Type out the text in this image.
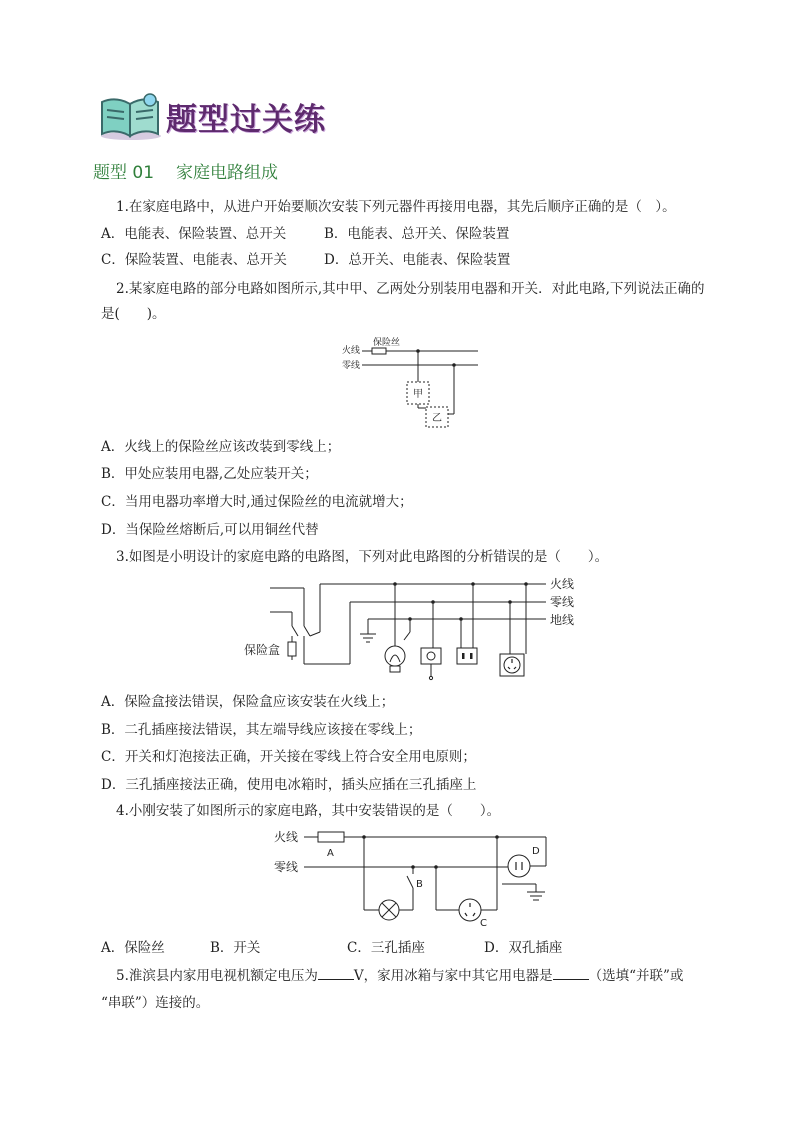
题型过关练
题型 01 家庭电路组成
1.在家庭电路中，从进户开始要顺次安装下列元器件再接用电器，其先后顺序正确的是（　）。
A．电能表、保险装置、总开关	B．电能表、总开关、保险装置
C．保险装置、电能表、总开关	D．总开关、电能表、保险装置
2.某家庭电路的部分电路如图所示,其中甲、乙两处分别装用电器和开关．对此电路,下列说法正确的
是(　　)。
火线
零线
保险丝
甲
乙
A．火线上的保险丝应该改装到零线上；
B．甲处应装用电器,乙处应装开关；
C．当用电器功率增大时,通过保险丝的电流就增大；
D．当保险丝熔断后,可以用铜丝代替
3.如图是小明设计的家庭电路的电路图，下列对此电路图的分析错误的是（　　）。
火线
零线
地线
保险盒
A．保险盒接法错误，保险盒应该安装在火线上；
B．二孔插座接法错误，其左端导线应该接在零线上；
C．开关和灯泡接法正确，开关接在零线上符合安全用电原则；
D．三孔插座接法正确，使用电冰箱时，插头应插在三孔插座上
4.小刚安装了如图所示的家庭电路，其中安装错误的是（　　）。
火线
零线
A
B
C
D
A．保险丝	B．开关	C．三孔插座	D．双孔插座
5.淮滨县内家用电视机额定电压为	V，家用冰箱与家中其它用电器是	（选填“并联”或
“串联”）连接的。
